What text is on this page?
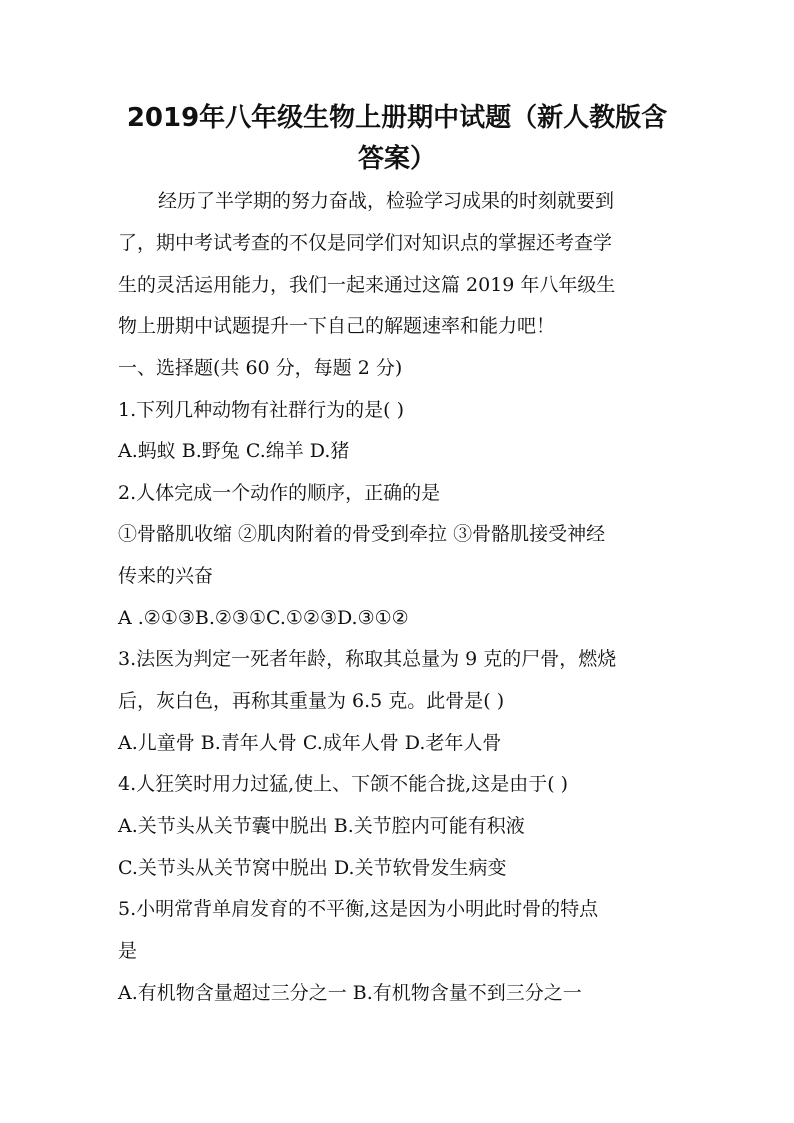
2019年八年级生物上册期中试题（新人教版含
答案）
经历了半学期的努力奋战，检验学习成果的时刻就要到
了，期中考试考查的不仅是同学们对知识点的掌握还考查学
生的灵活运用能力，我们一起来通过这篇 2019 年八年级生
物上册期中试题提升一下自己的解题速率和能力吧！
一、选择题(共 60 分，每题 2 分)
1.下列几种动物有社群行为的是( )
A.蚂蚁 B.野兔 C.绵羊 D.猪
2.人体完成一个动作的顺序，正确的是
①骨骼肌收缩 ②肌肉附着的骨受到牵拉 ③骨骼肌接受神经
传来的兴奋
A .②①③B.②③①C.①②③D.③①②
3.法医为判定一死者年龄，称取其总量为 9 克的尸骨，燃烧
后，灰白色，再称其重量为 6.5 克。此骨是( )
A.儿童骨 B.青年人骨 C.成年人骨 D.老年人骨
4.人狂笑时用力过猛,使上、下颌不能合拢,这是由于( )
A.关节头从关节囊中脱出 B.关节腔内可能有积液
C.关节头从关节窝中脱出 D.关节软骨发生病变
5.小明常背单肩发育的不平衡,这是因为小明此时骨的特点
是
A.有机物含量超过三分之一 B.有机物含量不到三分之一
